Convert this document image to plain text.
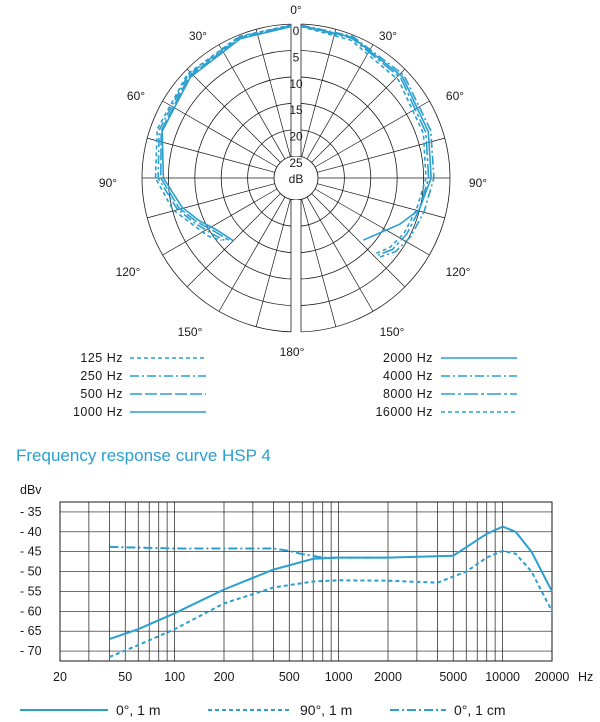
0
5
10
15
20
25
dB
0°
30°
60°
90°
120°
150°
180°
30°
60°
90°
120°
150°
125 Hz
250 Hz
500 Hz
1000 Hz
2000 Hz
4000 Hz
8000 Hz
16000 Hz
Frequency response curve HSP 4
- 35
- 40
- 45
- 50
- 55
- 60
- 65
- 70
20	50	100 200	500 1000 2000	5000 10000 20000
dBv
Hz
0°, 1 m	90°, 1 m	0°, 1 cm
